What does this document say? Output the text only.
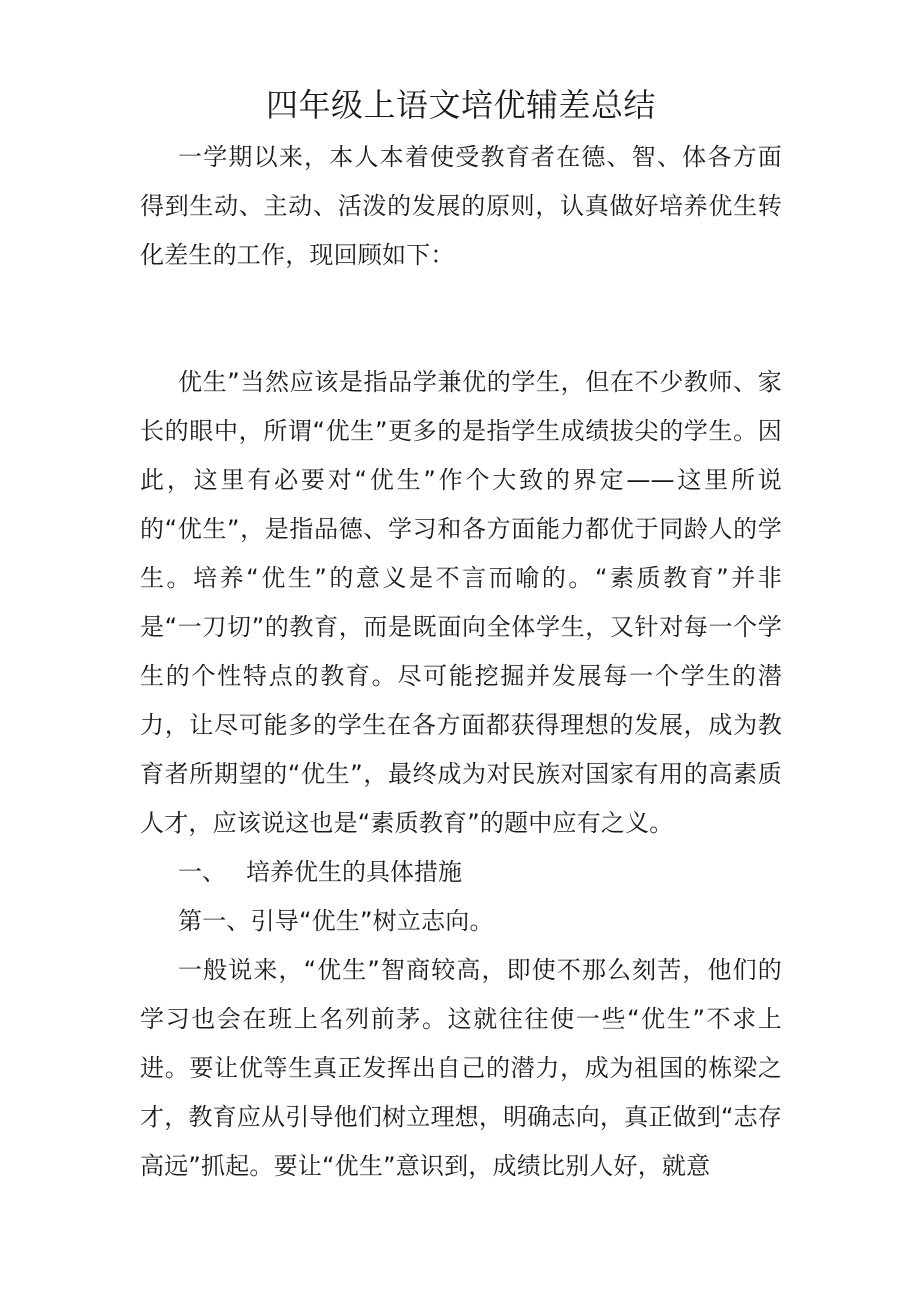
四年级上语文培优辅差总结

一学期以来，本人本着使受教育者在德、智、体各方面得到生动、主动、活泼的发展的原则，认真做好培养优生转化差生的工作，现回顾如下：

优生”当然应该是指品学兼优的学生，但在不少教师、家长的眼中，所谓“优生”更多的是指学生成绩拔尖的学生。因此，这里有必要对“优生”作个大致的界定——这里所说的“优生”，是指品德、学习和各方面能力都优于同龄人的学生。培养“优生”的意义是不言而喻的。“素质教育”并非是“一刀切”的教育，而是既面向全体学生，又针对每一个学生的个性特点的教育。尽可能挖掘并发展每一个学生的潜力，让尽可能多的学生在各方面都获得理想的发展，成为教育者所期望的“优生”，最终成为对民族对国家有用的高素质人才，应该说这也是“素质教育”的题中应有之义。

一、 培养优生的具体措施

第一、引导“优生”树立志向。

一般说来，“优生”智商较高，即使不那么刻苦，他们的学习也会在班上名列前茅。这就往往使一些“优生”不求上进。要让优等生真正发挥出自己的潜力，成为祖国的栋梁之才，教育应从引导他们树立理想，明确志向，真正做到“志存高远”抓起。要让“优生”意识到，成绩比别人好，就意
